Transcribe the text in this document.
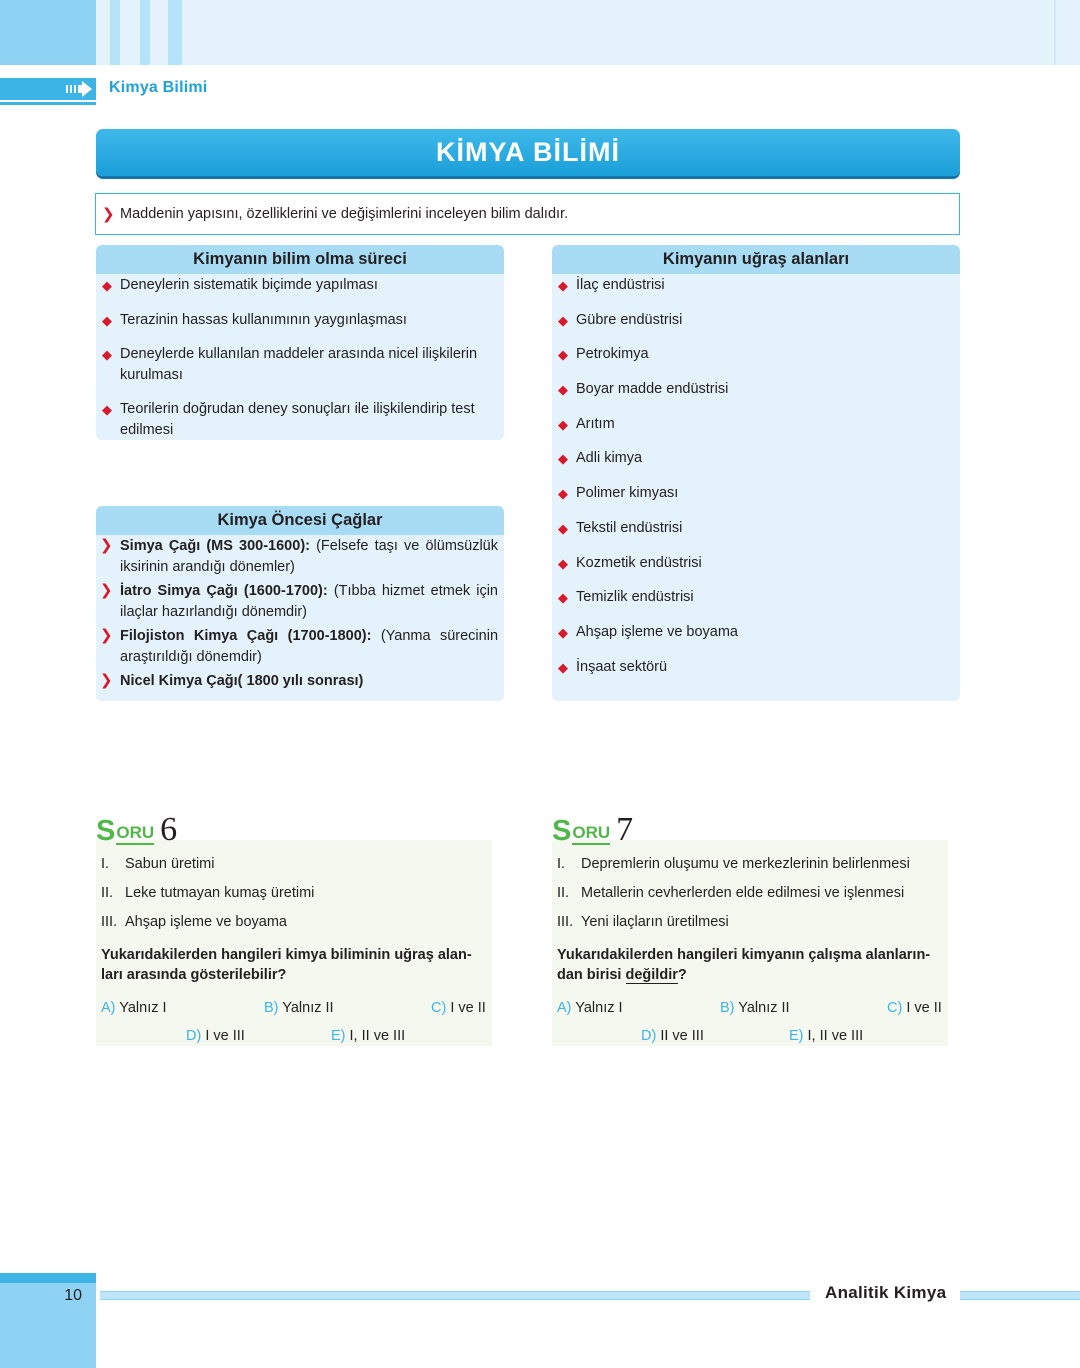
Kimya Bilimi
KİMYA BİLİMİ
❯ Maddenin yapısını, özelliklerini ve değişimlerini inceleyen bilim dalıdır.
Kimyanın bilim olma süreci
◆ Deneylerin sistematik biçimde yapılması
◆ Terazinin hassas kullanımının yaygınlaşması
◆ Deneylerde kullanılan maddeler arasında nicel ilişkilerin kurulması
◆ Teorilerin doğrudan deney sonuçları ile ilişkilendirip test edilmesi
Kimyanın uğraş alanları
◆ İlaç endüstrisi
◆ Gübre endüstrisi
◆ Petrokimya
◆ Boyar madde endüstrisi
◆ Arıtım
◆ Adli kimya
◆ Polimer kimyası
◆ Tekstil endüstrisi
◆ Kozmetik endüstrisi
◆ Temizlik endüstrisi
◆ Ahşap işleme ve boyama
◆ İnşaat sektörü
Kimya Öncesi Çağlar
❯ Simya Çağı (MS 300-1600): (Felsefe taşı ve ölümsüzlük iksirinin arandığı dönemler)
❯ İatro Simya Çağı (1600-1700): (Tıbba hizmet etmek için ilaçlar hazırlandığı dönemdir)
❯ Filojiston Kimya Çağı (1700-1800): (Yanma sürecinin araştırıldığı dönemdir)
❯ Nicel Kimya Çağı( 1800 yılı sonrası)
S ORU 6
I. Sabun üretimi
II. Leke tutmayan kumaş üretimi
III. Ahşap işleme ve boyama
Yukarıdakilerden hangileri kimya biliminin uğraş alan-
ları arasında gösterilebilir?
A) Yalnız I	B) Yalnız II	C) I ve II
D) I ve III	E) I, II ve III
S ORU 7
I. Depremlerin oluşumu ve merkezlerinin belirlenmesi
II. Metallerin cevherlerden elde edilmesi ve işlenmesi
III. Yeni ilaçların üretilmesi
Yukarıdakilerden hangileri kimyanın çalışma alanların-
dan birisi değildir?
A) Yalnız I	B) Yalnız II	C) I ve II
D) II ve III	E) I, II ve III
10	Analitik Kimya
